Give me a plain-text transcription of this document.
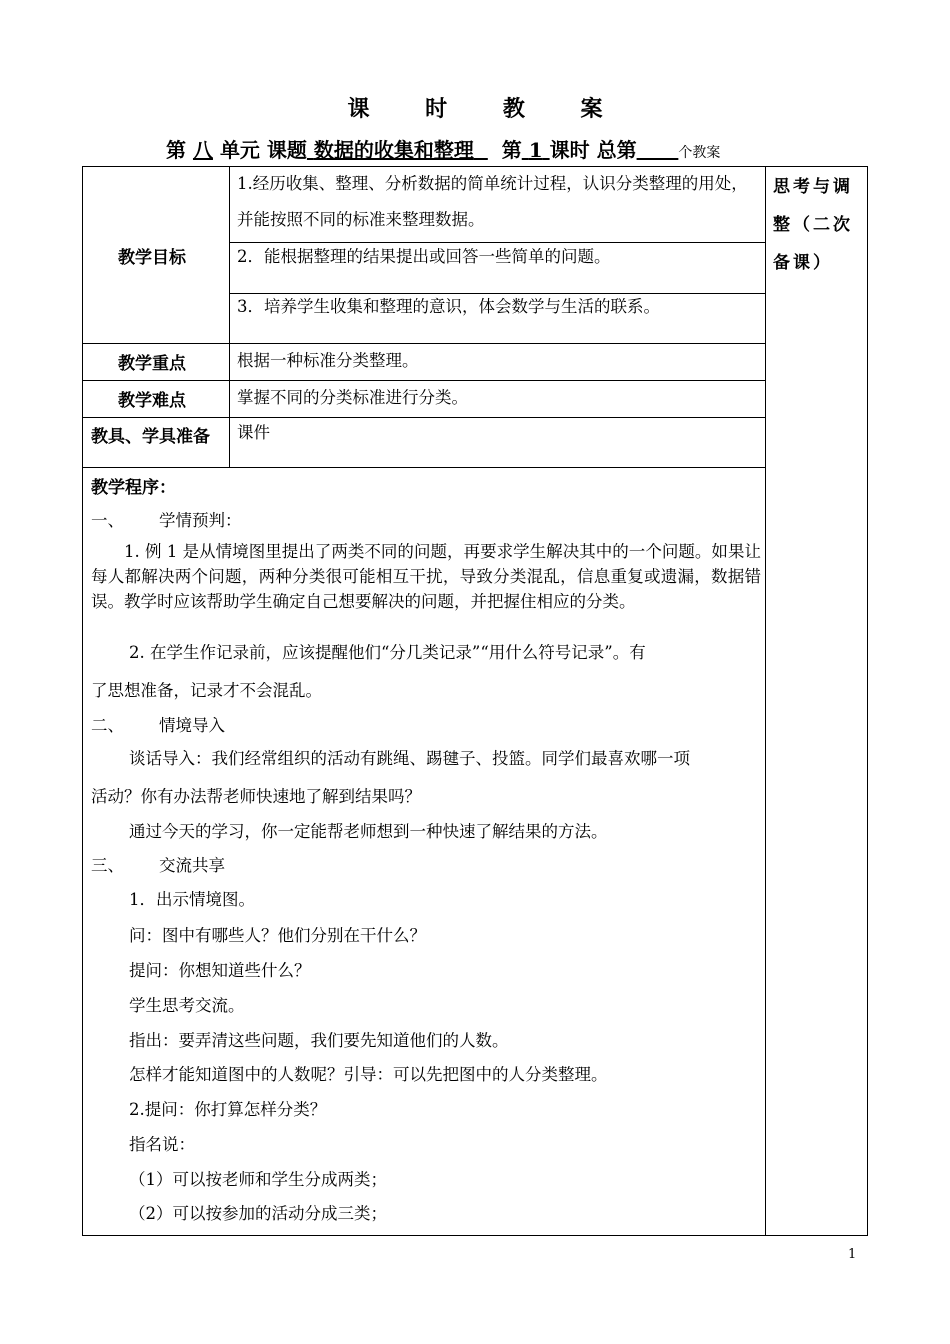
课 时 教 案
第 八 单元 课题 数据的收集和整理 第 1 课时 总第	个教案
教学目标
教学重点
教学难点
教具、学具准备
1.经历收集、整理、分析数据的简单统计过程，认识分类整理的用处，并能按照不同的标准来整理数据。
2．能根据整理的结果提出或回答一些简单的问题。
3．培养学生收集和整理的意识，体会数学与生活的联系。
根据一种标准分类整理。
掌握不同的分类标准进行分类。
课件
思考与调整（二次备课）
教学程序：
一、 学情预判：
1. 例 1 是从情境图里提出了两类不同的问题，再要求学生解决其中的一个问题。如果让每人都解决两个问题，两种分类很可能相互干扰，导致分类混乱，信息重复或遗漏，数据错误。教学时应该帮助学生确定自己想要解决的问题，并把握住相应的分类。
2. 在学生作记录前，应该提醒他们“分几类记录”“用什么符号记录”。有
了思想准备，记录才不会混乱。
二、 情境导入
谈话导入：我们经常组织的活动有跳绳、踢毽子、投篮。同学们最喜欢哪一项
活动？你有办法帮老师快速地了解到结果吗？
通过今天的学习，你一定能帮老师想到一种快速了解结果的方法。
三、 交流共享
1．出示情境图。
问：图中有哪些人？他们分别在干什么？
提问：你想知道些什么？
学生思考交流。
指出：要弄清这些问题，我们要先知道他们的人数。
怎样才能知道图中的人数呢？引导：可以先把图中的人分类整理。
2.提问：你打算怎样分类？
指名说：
（1）可以按老师和学生分成两类；
（2）可以按参加的活动分成三类；
1
